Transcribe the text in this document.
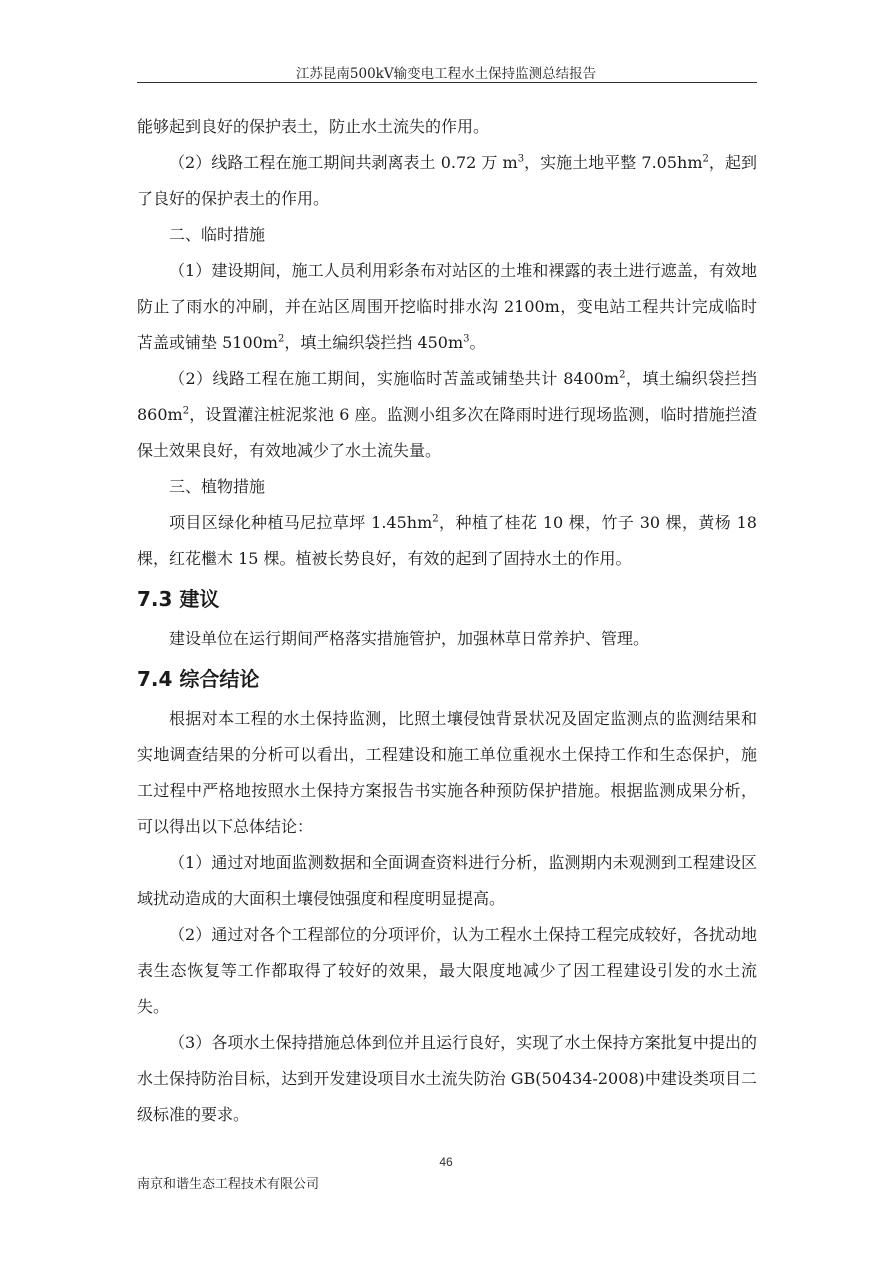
江苏昆南500kV输变电工程水土保持监测总结报告

能够起到良好的保护表土，防止水土流失的作用。

（2）线路工程在施工期间共剥离表土 0.72 万 $m^3$，实施土地平整 $7.05hm^2$，起到了良好的保护表土的作用。

二、临时措施

（1）建设期间，施工人员利用彩条布对站区的土堆和裸露的表土进行遮盖，有效地防止了雨水的冲刷，并在站区周围开挖临时排水沟 2100m，变电站工程共计完成临时苫盖或铺垫 $5100m^2$，填土编织袋拦挡 $450m^3$。

（2）线路工程在施工期间，实施临时苫盖或铺垫共计 $8400m^2$，填土编织袋拦挡 $860m^2$，设置灌注桩泥浆池 6 座。监测小组多次在降雨时进行现场监测，临时措施拦渣保土效果良好，有效地减少了水土流失量。

三、植物措施

项目区绿化种植马尼拉草坪 $1.45hm^2$，种植了桂花 10 棵，竹子 30 棵，黄杨 18 棵，红花檵木 15 棵。植被长势良好，有效的起到了固持水土的作用。

7.3 建议

建设单位在运行期间严格落实措施管护，加强林草日常养护、管理。

7.4 综合结论

根据对本工程的水土保持监测，比照土壤侵蚀背景状况及固定监测点的监测结果和实地调查结果的分析可以看出，工程建设和施工单位重视水土保持工作和生态保护，施工过程中严格地按照水土保持方案报告书实施各种预防保护措施。根据监测成果分析，可以得出以下总体结论：

（1）通过对地面监测数据和全面调查资料进行分析，监测期内未观测到工程建设区域扰动造成的大面积土壤侵蚀强度和程度明显提高。

（2）通过对各个工程部位的分项评价，认为工程水土保持工程完成较好，各扰动地表生态恢复等工作都取得了较好的效果，最大限度地减少了因工程建设引发的水土流失。

（3）各项水土保持措施总体到位并且运行良好，实现了水土保持方案批复中提出的水土保持防治目标，达到开发建设项目水土流失防治 GB(50434-2008)中建设类项目二级标准的要求。

46
南京和谐生态工程技术有限公司
